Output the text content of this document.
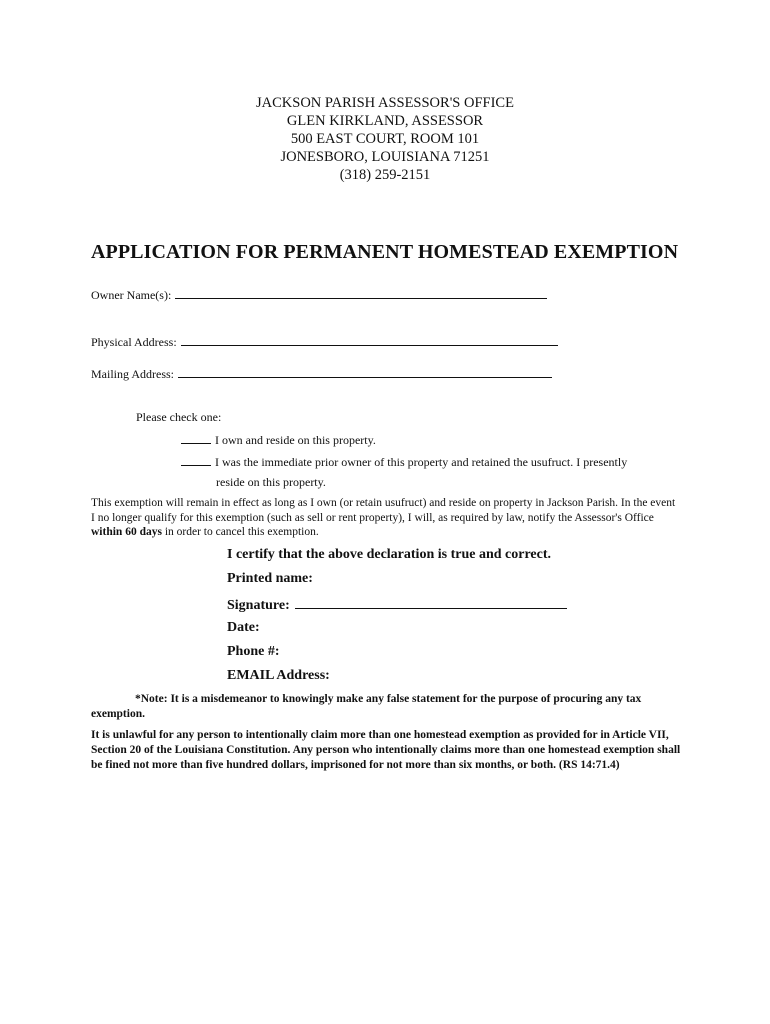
JACKSON PARISH ASSESSOR'S OFFICE
GLEN KIRKLAND, ASSESSOR
500 EAST COURT, ROOM 101
JONESBORO, LOUISIANA 71251
(318) 259-2151
APPLICATION FOR PERMANENT HOMESTEAD EXEMPTION
Owner Name(s):
Physical Address:
Mailing Address:
Please check one:
I own and reside on this property.
I was the immediate prior owner of this property and retained the usufruct. I presently
reside on this property.
This exemption will remain in effect as long as I own (or retain usufruct) and reside on property in Jackson Parish. In the event I no longer qualify for this exemption (such as sell or rent property), I will, as required by law, notify the Assessor's Office within 60 days in order to cancel this exemption.
I certify that the above declaration is true and correct.
Printed name:
Signature:
Date:
Phone #:
EMAIL Address:
*Note: It is a misdemeanor to knowingly make any false statement for the purpose of procuring any tax exemption.
It is unlawful for any person to intentionally claim more than one homestead exemption as provided for in Article VII, Section 20 of the Louisiana Constitution. Any person who intentionally claims more than one homestead exemption shall be fined not more than five hundred dollars, imprisoned for not more than six months, or both. (RS 14:71.4)
